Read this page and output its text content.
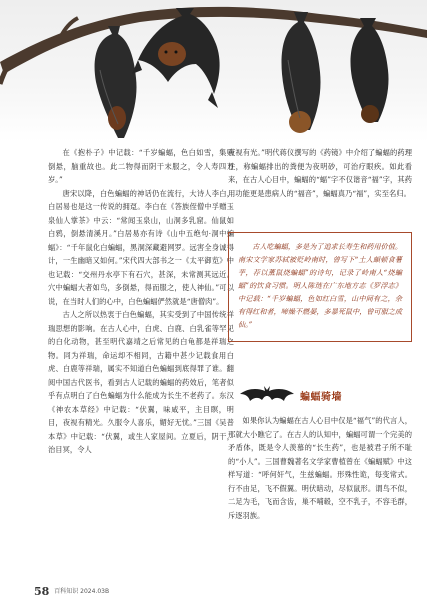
在《抱朴子》中记载：“千岁蝙蝠，色白如雪，集则倒悬，脑重故也。此二物得而阴干末服之，令人寿四万岁。”

唐宋以降，白色蝙蝠的神话仍在流行，大诗人李白，白居易也是这一传说的拥趸。李白在《答族侄僧中孚赠玉泉仙人掌茶》中云：“常闻玉泉山，山洞多乳窟。仙鼠如白鸦，倒悬清溪月。”白居易亦有诗《山中五绝句·洞中蝙蝠》：“千年鼠化白蝙蝠，黑洞深藏避网罗。远害全身诚得计，一生幽暗又如何。”宋代四大部书之一《太平御览》中也记载：“交州丹水亭下有石穴，甚深，未常测其远近。穴中蝙蝠大者如鸟，多倒悬，得而服之，使人神仙。”可以说，在当时人们的心中，白色蝙蝠俨然就是“唐僧肉”。

古人之所以热衷于白色蝙蝠，其实受到了中国传统祥瑞思想的影响。在古人心中，白虎、白鹿、白乳雀等罕见的白化动物，甚至明代嘉靖之后常见的白龟都是祥瑞之物。同为祥瑞，命运却不相同，古籍中甚少记载食用白虎、白鹿等祥瑞，属实不知道白色蝙蝠到底得罪了谁。翻阅中国古代医书，看到古人记载的蝙蝠的药效后，笔者似乎有点明白了白色蝙蝠为什么能成为长生不老药了。东汉《神农本草经》中记载：“伏翼，味咸平，主目瞑，明目，夜视有精光。久服令人喜乐，媚好无忧。”三国《吴普本草》中记载：“伏翼，或生人家屋间。立夏后，阴干，治目冥，令人

夜视有光。”明代蒋仪撰写的《药镜》中介绍了蝙蝠的药理性，称蝙蝠排出的粪便为夜明砂，可治疗眼疾。如此看来，在古人心目中，蝙蝠的“蝠”字不仅谐音“福”字，其药用功能更是患病人的“福音”，蝙蝠真乃“福”，实至名归。

古人吃蝙蝠，多是为了追求长寿生和药用价值。南宋文学家苏轼被贬岭南时，曾写下“土人頔顿食薯芋，荐以薰鼠烧蝙蝠”的诗句，记录了岭南人“烧蝙蝠”的饮食习惯。明人陈琏在广东地方志《罗浮志》中记载：“千岁蝙蝠，色如红白雪，山中间有之，余有得红和者，啼燥不燃晏，多暴死鼠中，曾可服之成仙。”

蝙蝠骑墙

如果你认为蝙蝠在古人心目中仅是“福气”的代言人，那就大小瞧它了。在古人的认知中，蝙蝠可谓一个完美的矛盾体，既是令人羡慕的“长生药”，也是被君子所不耻的“小人”。三国曹魏著名文学家曹植曾在《蝙蝠赋》中这样写道：“呼何奸气，生兹蝙蝠。形殊性诡，每变常式。行不由足，飞不假翼。明伏暗动，尽似鼠形。谓鸟不似，二足为毛，飞而含齿，巢不哺毂，空不乳子，不容毛群，斥逐羽族。

58 百科知识 2024.03B
